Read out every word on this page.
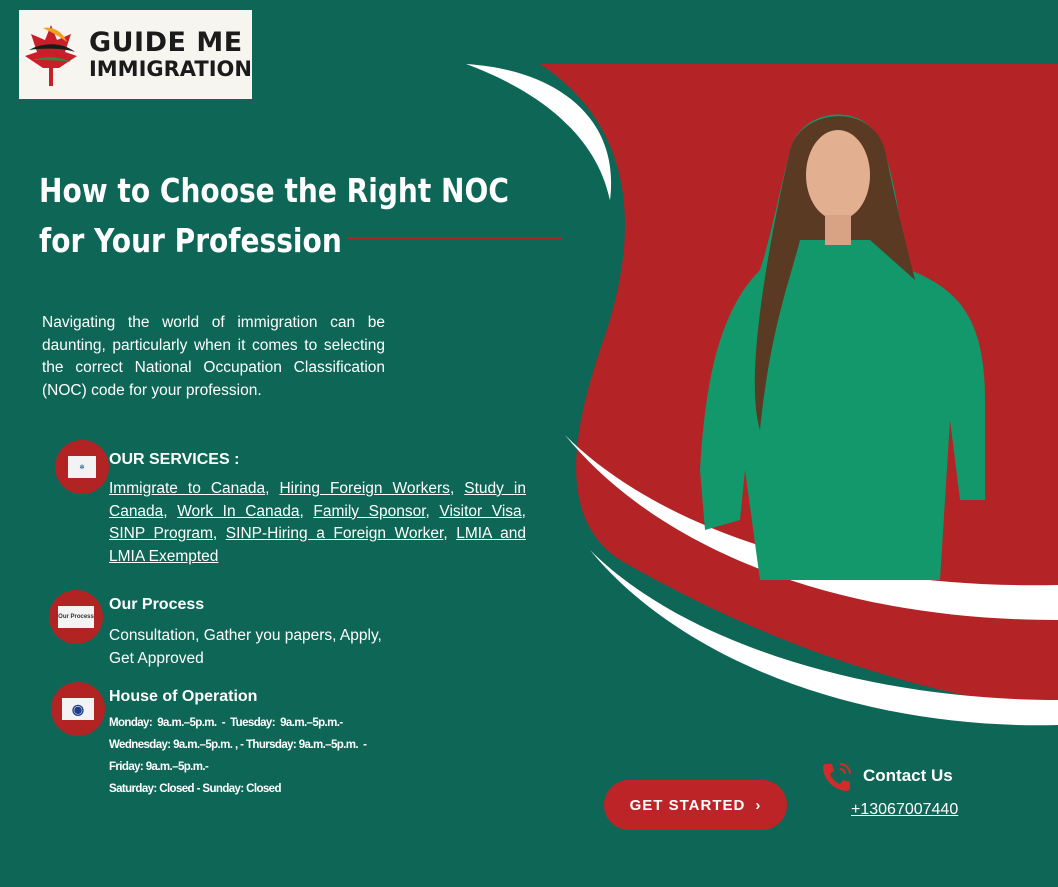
GUIDE ME
IMMIGRATION
How to Choose the Right NOC
for Your Profession

Navigating the world of immigration can be daunting, particularly when it comes to selecting the correct National Occupation Classification (NOC) code for your profession.

✲	OUR SERVICES :
Immigrate to Canada, Hiring Foreign Workers, Study in Canada, Work In Canada, Family Sponsor, Visitor Visa, SINP Program, SINP-Hiring a Foreign Worker, LMIA and LMIA Exempted
Our Process
Our Process
Consultation, Gather you papers, Apply,
Get Approved
◉
House of Operation
Monday:  9a.m.–5p.m.  -  Tuesday:  9a.m.–5p.m.-
Wednesday: 9a.m.–5p.m. , - Thursday: 9a.m.–5p.m.  -
Friday: 9a.m.–5p.m.-
Saturday: Closed - Sunday: Closed
GET STARTED ›
Contact Us
+13067007440
